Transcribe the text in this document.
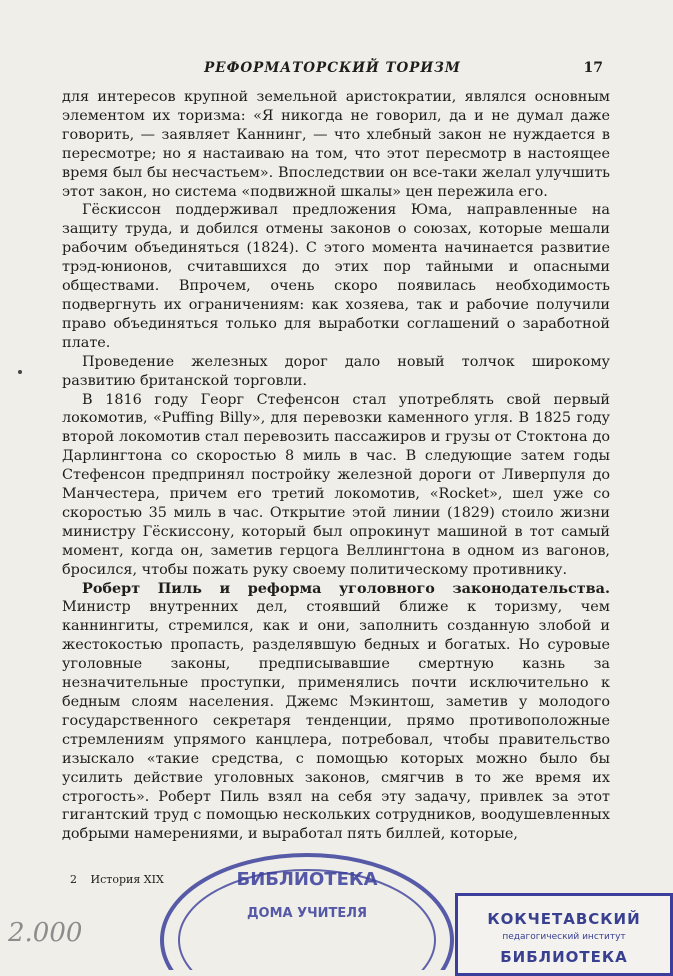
РЕФОРМАТОРСКИЙ ТОРИЗМ	17

для интересов крупной земельной аристократии, являлся основным элементом их торизма: «Я никогда не говорил, да и не думал даже говорить, — заявляет Каннинг, — что хлебный закон не нуждается в пересмотре; но я настаиваю на том, что этот пересмотр в настоящее время был бы несчастьем». Впоследствии он все-таки желал улучшить этот закон, но система «подвижной шкалы» цен пережила его.

Гёскиссон поддерживал предложения Юма, направленные на защиту труда, и добился отмены законов о союзах, которые мешали рабочим объединяться (1824). С этого момента начинается развитие трэд-юнионов, считавшихся до этих пор тайными и опасными обществами. Впрочем, очень скоро появилась необходимость подвергнуть их ограничениям: как хозяева, так и рабочие получили право объединяться только для выработки соглашений о заработной плате.

Проведение железных дорог дало новый толчок широкому развитию британской торговли.

В 1816 году Георг Стефенсон стал употреблять свой первый локомотив, «Puffing Billy», для перевозки каменного угля. В 1825 году второй локомотив стал перевозить пассажиров и грузы от Стоктона до Дарлингтона со скоростью 8 миль в час. В следующие затем годы Стефенсон предпринял постройку железной дороги от Ливерпуля до Манчестера, причем его третий локомотив, «Rocket», шел уже со скоростью 35 миль в час. Открытие этой линии (1829) стоило жизни министру Гёскиссону, который был опрокинут машиной в тот самый момент, когда он, заметив герцога Веллингтона в одном из вагонов, бросился, чтобы пожать руку своему политическому противнику.

Роберт Пиль и реформа уголовного законодательства. Министр внутренних дел, стоявший ближе к торизму, чем каннингиты, стремился, как и они, заполнить созданную злобой и жестокостью пропасть, разделявшую бедных и богатых. Но суровые уголовные законы, предписывавшие смертную казнь за незначительные проступки, применялись почти исключительно к бедным слоям населения. Джемс Мэкинтош, заметив у молодого государственного секретаря тенденции, прямо противоположные стремлениям упрямого канцлера, потребовал, чтобы правительство изыскало «такие средства, с помощью которых можно было бы усилить действие уголовных законов, смягчив в то же время их строгость». Роберт Пиль взял на себя эту задачу, привлек за этот гигантский труд с помощью нескольких сотрудников, воодушевленных добрыми намерениями, и выработал пять биллей, которые,

2 История XIX	БИБЛИОТЕКА
ДОМА УЧИТЕЛЯ	КОКЧЕТАВСКИЙ
педагогический институт
БИБЛИОТЕКА
2.000
